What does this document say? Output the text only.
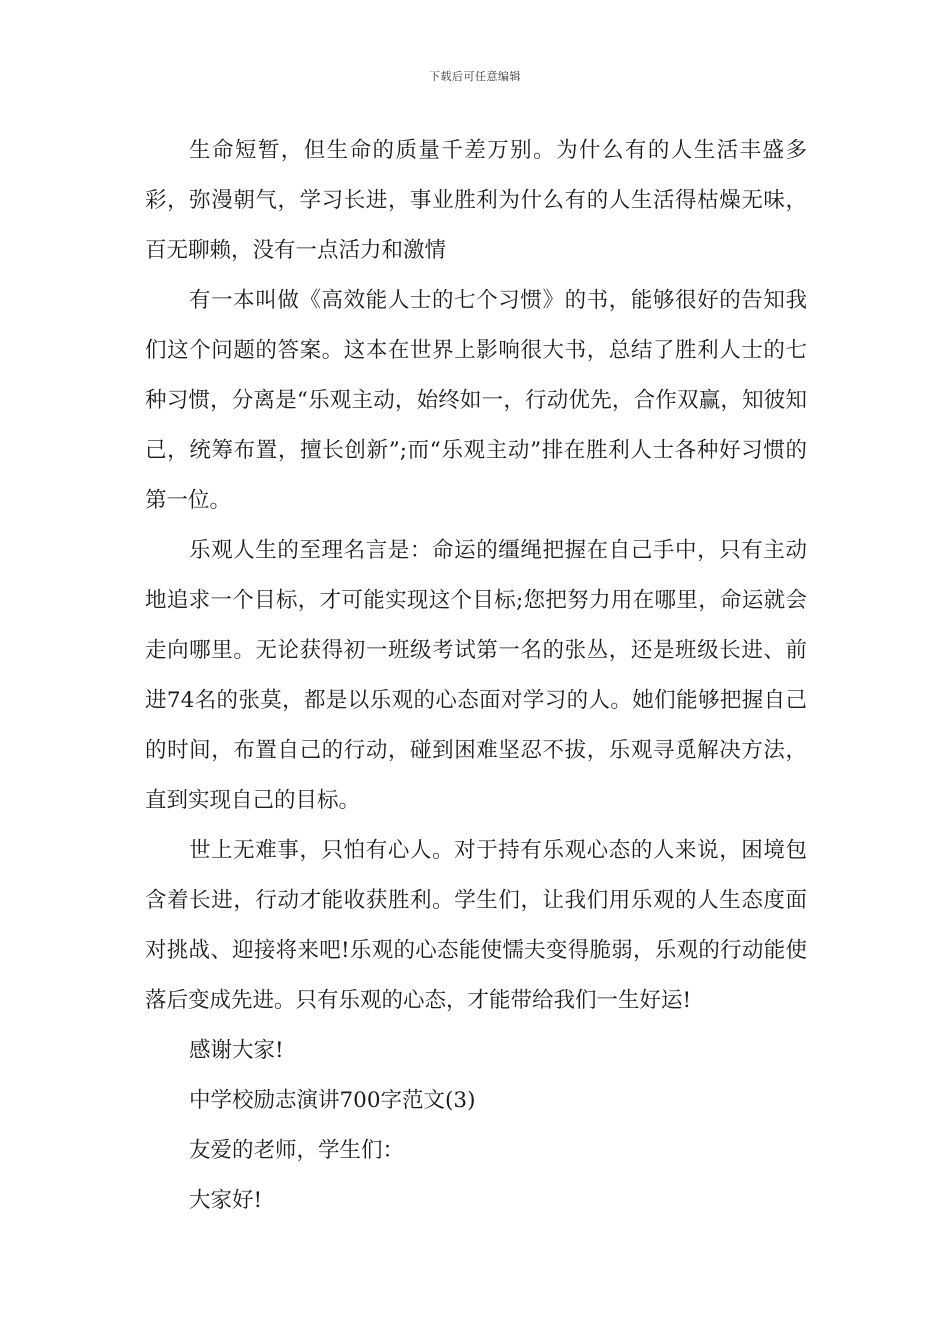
下载后可任意编辑

生命短暂，但生命的质量千差万别。为什么有的人生活丰盛多彩，弥漫朝气，学习长进，事业胜利为什么有的人生活得枯燥无味，百无聊赖，没有一点活力和激情

有一本叫做《高效能人士的七个习惯》的书，能够很好的告知我们这个问题的答案。这本在世界上影响很大书，总结了胜利人士的七种习惯，分离是“乐观主动，始终如一，行动优先，合作双赢，知彼知己，统筹布置，擅长创新”;而“乐观主动”排在胜利人士各种好习惯的第一位。

乐观人生的至理名言是：命运的缰绳把握在自己手中，只有主动地追求一个目标，才可能实现这个目标;您把努力用在哪里，命运就会走向哪里。无论获得初一班级考试第一名的张丛，还是班级长进、前进74名的张莫，都是以乐观的心态面对学习的人。她们能够把握自己的时间，布置自己的行动，碰到困难坚忍不拔，乐观寻觅解决方法，直到实现自己的目标。

世上无难事，只怕有心人。对于持有乐观心态的人来说，困境包含着长进，行动才能收获胜利。学生们，让我们用乐观的人生态度面对挑战、迎接将来吧!乐观的心态能使懦夫变得脆弱，乐观的行动能使落后变成先进。只有乐观的心态，才能带给我们一生好运!

感谢大家!

中学校励志演讲700字范文(3)

友爱的老师，学生们：

大家好!
